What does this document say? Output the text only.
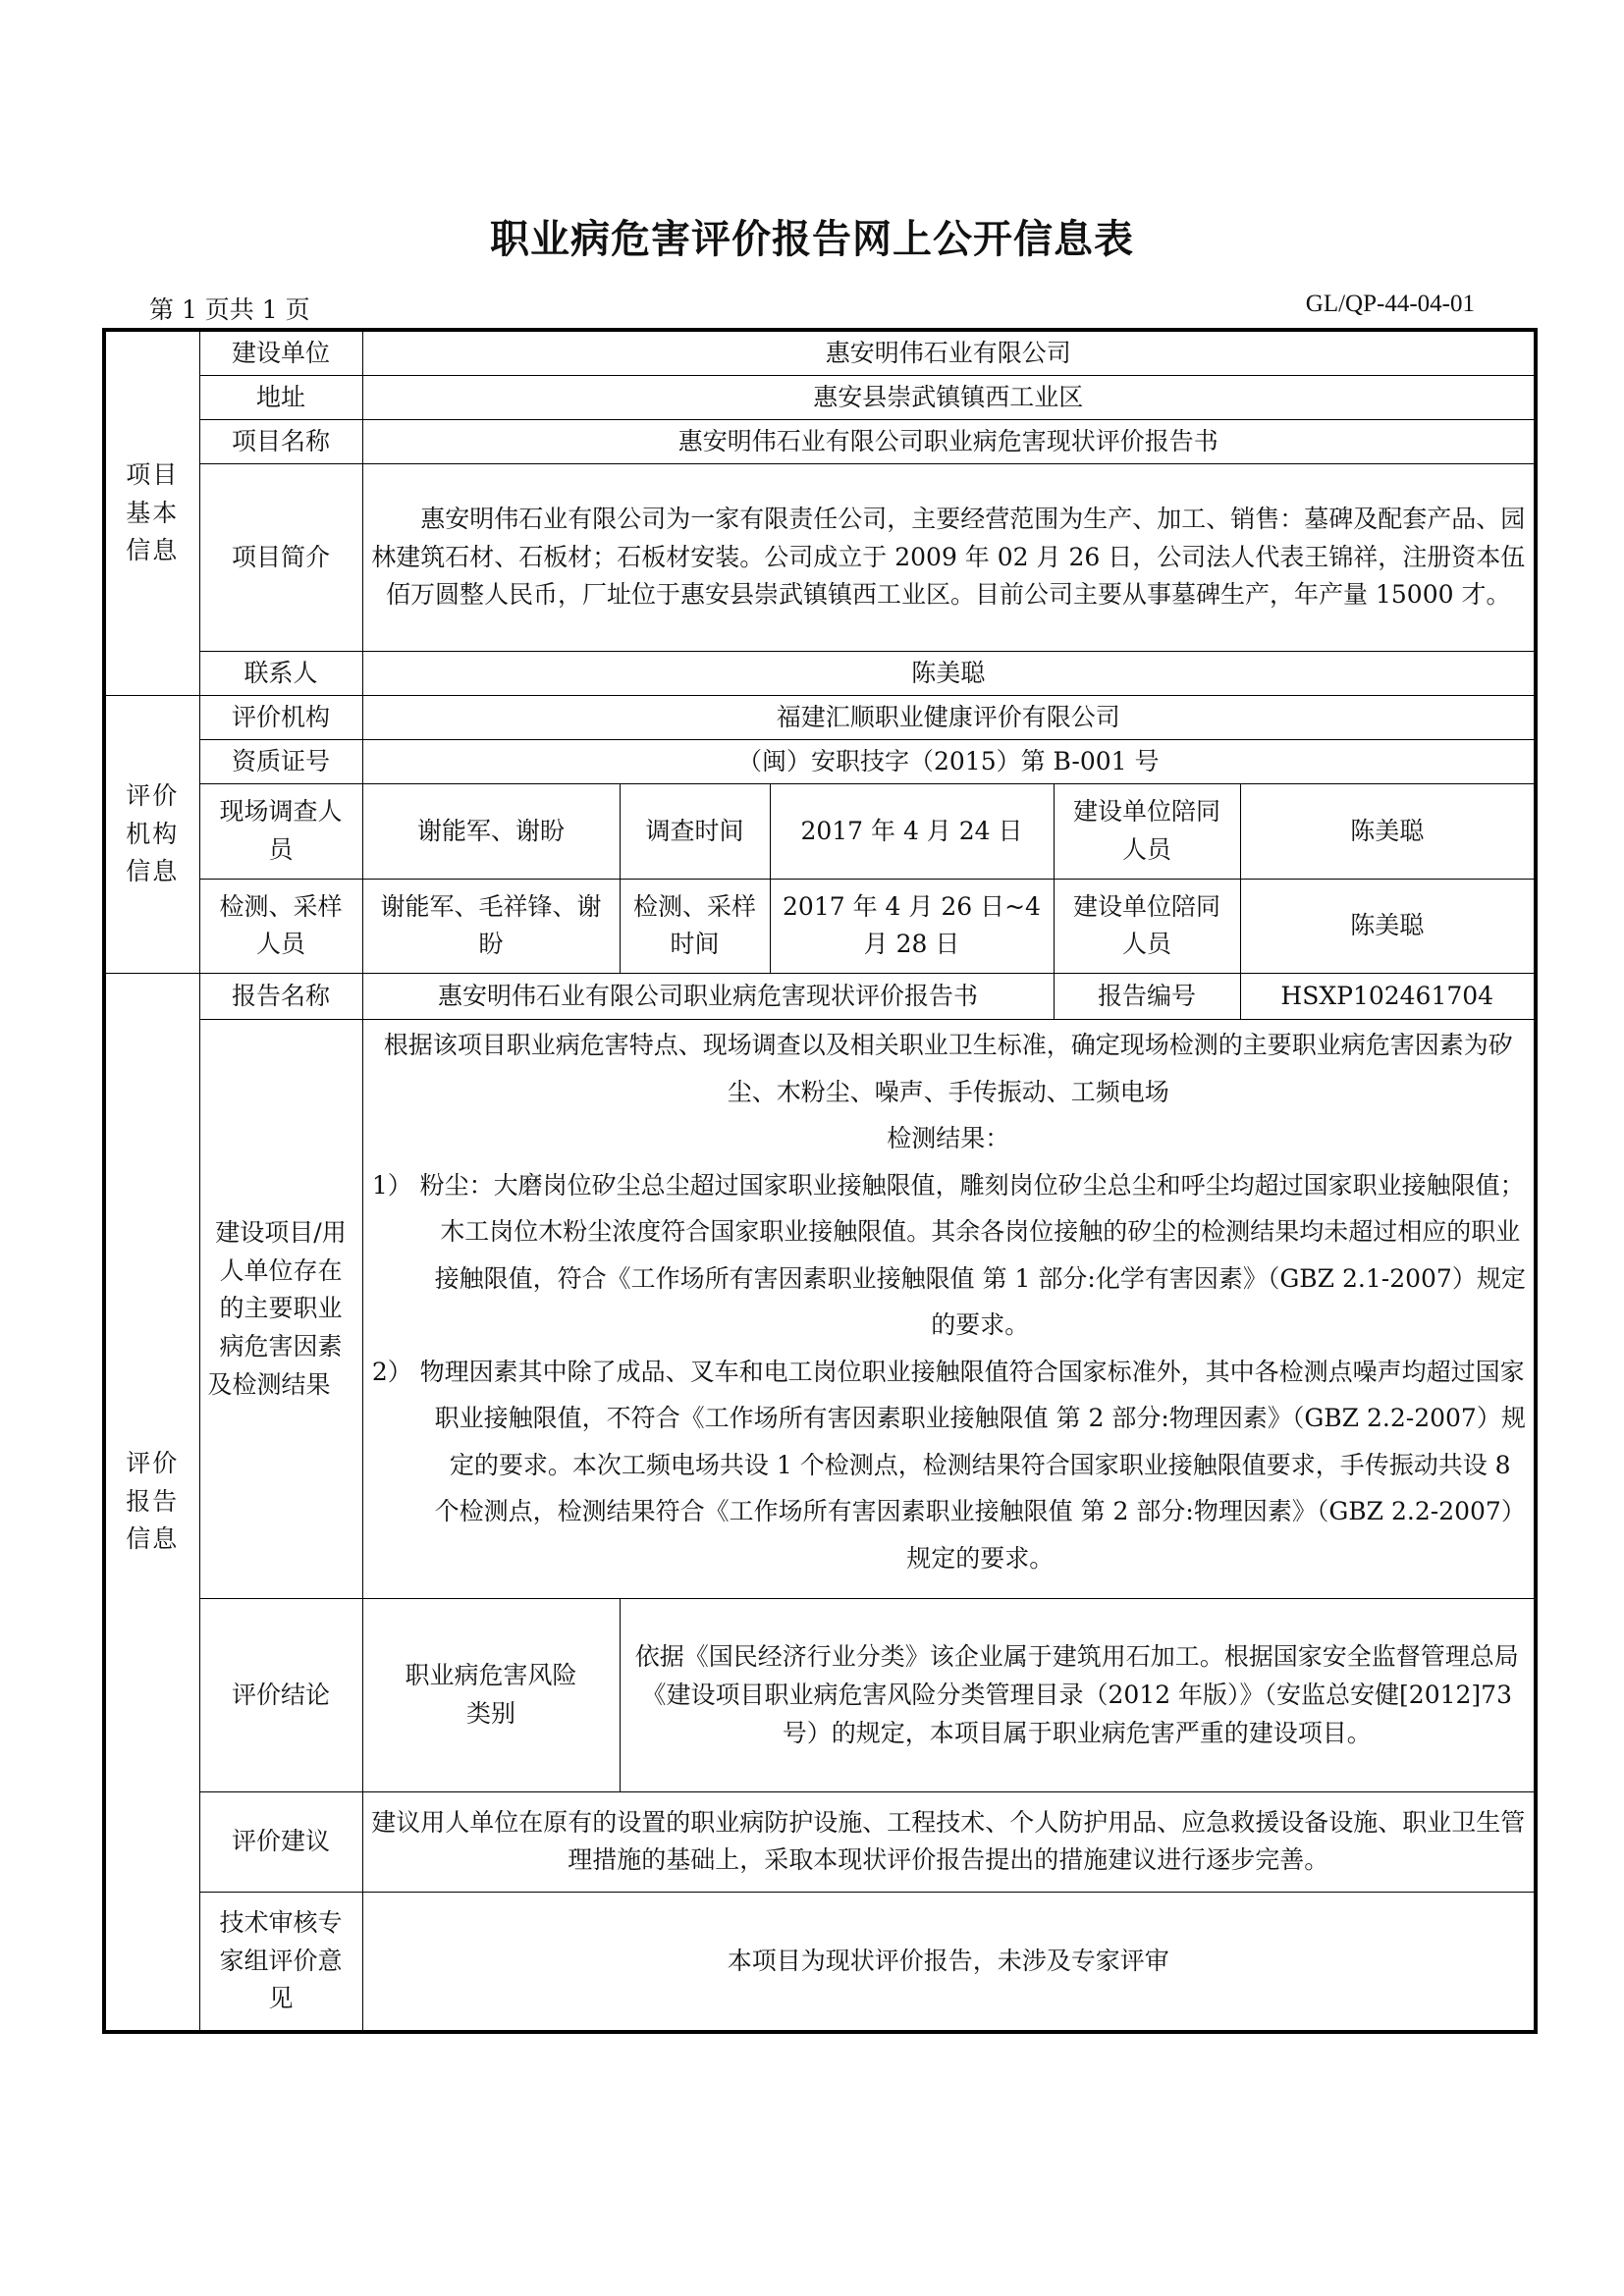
职业病危害评价报告网上公开信息表
第 1 页共 1 页	GL/QP-44-04-01
项目基本信息	建设单位	惠安明伟石业有限公司				
	地址	惠安县崇武镇镇西工业区				
	项目名称	惠安明伟石业有限公司职业病危害现状评价报告书				
	项目简介	惠安明伟石业有限公司为一家有限责任公司，主要经营范围为生产、加工、销售：墓碑及配套产品、园林建筑石材、石板材；石板材安装。公司成立于 2009 年 02 月 26 日，公司法人代表王锦祥，注册资本伍佰万圆整人民币，厂址位于惠安县崇武镇镇西工业区。目前公司主要从事墓碑生产，年产量 15000 才。				

	联系人	陈美聪				
评价机构信息	评价机构	福建汇顺职业健康评价有限公司				
	资质证号	（闽）安职技字（2015）第 B-001 号				
	现场调查人员	谢能军、谢盼	调查时间	2017 年 4 月 24 日	建设单位陪同人员	陈美聪
	检测、采样人员	谢能军、毛祥锋、谢盼	检测、采样时间	2017 年 4 月 26 日~4 月 28 日	建设单位陪同人员	陈美聪
评价报告信息	报告名称	惠安明伟石业有限公司职业病危害现状评价报告书			报告编号	HSXP102461704
	建设项目/用人单位存在的主要职业病危害因素及检测结果	根据该项目职业病危害特点、现场调查以及相关职业卫生标准，确定现场检测的主要职业病危害因素为矽尘、木粉尘、噪声、手传振动、工频电场

检测结果：

1） 粉尘：大磨岗位矽尘总尘超过国家职业接触限值，雕刻岗位矽尘总尘和呼尘均超过国家职业接触限值；木工岗位木粉尘浓度符合国家职业接触限值。其余各岗位接触的矽尘的检测结果均未超过相应的职业接触限值，符合《工作场所有害因素职业接触限值 第 1 部分:化学有害因素》（GBZ 2.1-2007）规定的要求。

2） 物理因素其中除了成品、叉车和电工岗位职业接触限值符合国家标准外，其中各检测点噪声均超过国家职业接触限值，不符合《工作场所有害因素职业接触限值 第 2 部分:物理因素》（GBZ 2.2-2007）规定的要求。本次工频电场共设 1 个检测点，检测结果符合国家职业接触限值要求，手传振动共设 8 个检测点，检测结果符合《工作场所有害因素职业接触限值 第 2 部分:物理因素》（GBZ 2.2-2007）规定的要求。				

	评价结论	职业病危害风险类别	依据《国民经济行业分类》该企业属于建筑用石加工。根据国家安全监督管理总局《建设项目职业病危害风险分类管理目录（2012 年版）》（安监总安健[2012]73 号）的规定，本项目属于职业病危害严重的建设项目。			
	评价建议	建议用人单位在原有的设置的职业病防护设施、工程技术、个人防护用品、应急救援设备设施、职业卫生管理措施的基础上，采取本现状评价报告提出的措施建议进行逐步完善。				
	技术审核专家组评价意见	本项目为现状评价报告，未涉及专家评审				
